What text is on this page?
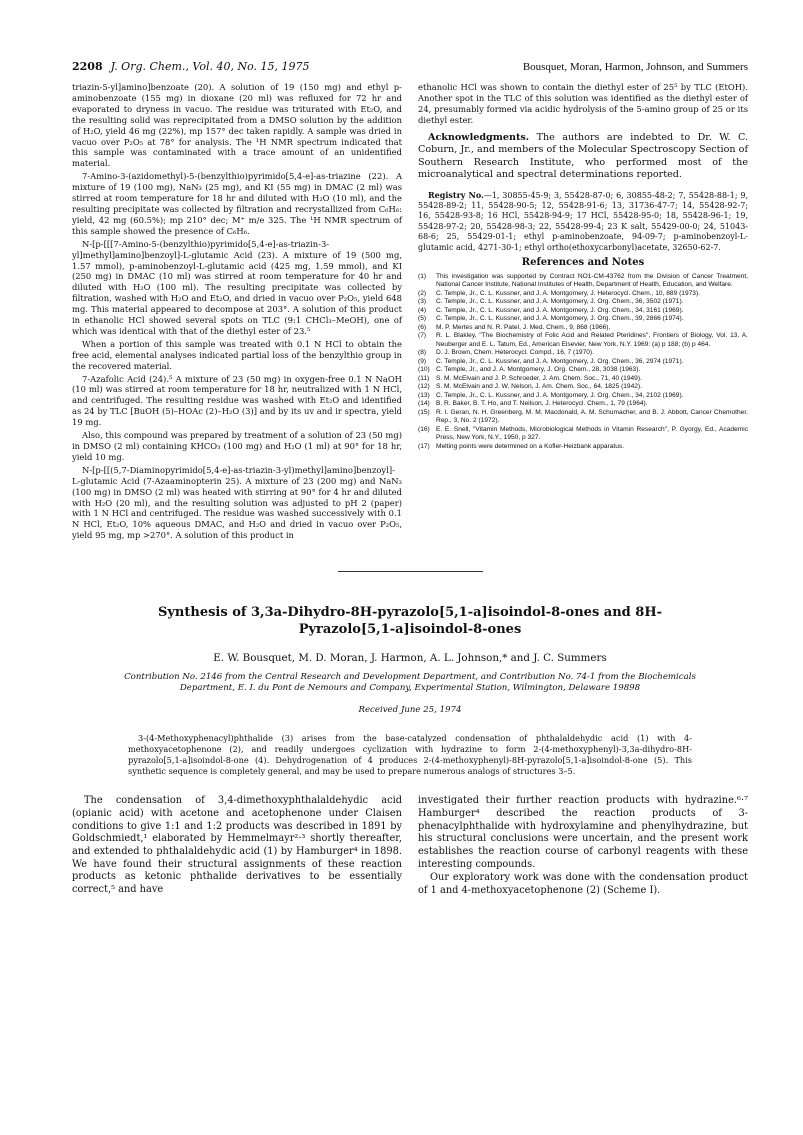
2208 J. Org. Chem., Vol. 40, No. 15, 1975	Bousquet, Moran, Harmon, Johnson, and Summers

triazin-5-yl]amino]benzoate (20). A solution of 19 (150 mg) and ethyl p-aminobenzoate (155 mg) in dioxane (20 ml) was refluxed for 72 hr and evaporated to dryness in vacuo. The residue was triturated with Et₂O, and the resulting solid was reprecipitated from a DMSO solution by the addition of H₂O, yield 46 mg (22%), mp 157° dec taken rapidly. A sample was dried in vacuo over P₂O₅ at 78° for analysis. The ¹H NMR spectrum indicated that this sample was contaminated with a trace amount of an unidentified material.

7-Amino-3-(azidomethyl)-5-(benzylthio)pyrimido[5,4-e]-as-triazine (22). A mixture of 19 (100 mg), NaN₃ (25 mg), and KI (55 mg) in DMAC (2 ml) was stirred at room temperature for 18 hr and diluted with H₂O (10 ml), and the resulting precipitate was collected by filtration and recrystallized from C₆H₆: yield, 42 mg (60.5%); mp 210° dec; M⁺ m/e 325. The ¹H NMR spectrum of this sample showed the presence of C₆H₆.

N-[p-[[[7-Amino-5-(benzylthio)pyrimido[5,4-e]-as-triazin-3-yl]methyl]amino]benzoyl]-L-glutamic Acid (23). A mixture of 19 (500 mg, 1.57 mmol), p-aminobenzoyl-L-glutamic acid (425 mg, 1.59 mmol), and KI (250 mg) in DMAC (10 ml) was stirred at room temperature for 40 hr and diluted with H₂O (100 ml). The resulting precipitate was collected by filtration, washed with H₂O and Et₂O, and dried in vacuo over P₂O₅, yield 648 mg. This material appeared to decompose at 203°. A solution of this product in ethanolic HCl showed several spots on TLC (9:1 CHCl₃–MeOH), one of which was identical with that of the diethyl ester of 23.⁵

When a portion of this sample was treated with 0.1 N HCl to obtain the free acid, elemental analyses indicated partial loss of the benzylthio group in the recovered material.

7-Azafolic Acid (24).⁵ A mixture of 23 (50 mg) in oxygen-free 0.1 N NaOH (10 ml) was stirred at room temperature for 18 hr, neutralized with 1 N HCl, and centrifuged. The resulting residue was washed with Et₂O and identified as 24 by TLC [BuOH (5)–HOAc (2)–H₂O (3)] and by its uv and ir spectra, yield 19 mg.

Also, this compound was prepared by treatment of a solution of 23 (50 mg) in DMSO (2 ml) containing KHCO₃ (100 mg) and H₂O (1 ml) at 90° for 18 hr, yield 10 mg.

N-[p-[[(5,7-Diaminopyrimido[5,4-e]-as-triazin-3-yl)methyl]amino]benzoyl]-L-glutamic Acid (7-Azaaminopterin 25). A mixture of 23 (200 mg) and NaN₃ (100 mg) in DMSO (2 ml) was heated with stirring at 90° for 4 hr and diluted with H₂O (20 ml), and the resulting solution was adjusted to pH 2 (paper) with 1 N HCl and centrifuged. The residue was washed successively with 0.1 N HCl, Et₂O, 10% aqueous DMAC, and H₂O and dried in vacuo over P₂O₅, yield 95 mg, mp >270°. A solution of this product in

ethanolic HCl was shown to contain the diethyl ester of 25⁵ by TLC (EtOH). Another spot in the TLC of this solution was identified as the diethyl ester of 24, presumably formed via acidic hydrolysis of the 5-amino group of 25 or its diethyl ester.

Acknowledgments. The authors are indebted to Dr. W. C. Coburn, Jr., and members of the Molecular Spectroscopy Section of Southern Research Institute, who performed most of the microanalytical and spectral determinations reported.
Registry No.—1, 30855-45-9; 3, 55428-87-0; 6, 30855-48-2; 7, 55428-88-1; 9, 55428-89-2; 11, 55428-90-5; 12, 55428-91-6; 13, 31736-47-7; 14, 55428-92-7; 16, 55428-93-8; 16 HCl, 55428-94-9; 17 HCl, 55428-95-0; 18, 55428-96-1; 19, 55428-97-2; 20, 55428-98-3; 22, 55428-99-4; 23 K salt, 55429-00-0; 24, 51043-68-6; 25, 55429-01-1; ethyl p-aminobenzoate, 94-09-7; p-aminobenzoyl-L-glutamic acid, 4271-30-1; ethyl ortho(ethoxycarbonyl)acetate, 32650-62-7.
References and Notes
(1)	This investigation was supported by Contract NO1-CM-43762 from the Division of Cancer Treatment, National Cancer Institute, National Institutes of Health, Department of Health, Education, and Welfare.
(2)	C. Temple, Jr., C. L. Kussner, and J. A. Montgomery, J. Heterocycl. Chem., 10, 889 (1973).
(3)	C. Temple, Jr., C. L. Kussner, and J. A. Montgomery, J. Org. Chem., 36, 3502 (1971).
(4)	C. Temple, Jr., C. L. Kussner, and J. A. Montgomery, J. Org. Chem., 34, 3161 (1969).
(5)	C. Temple, Jr., C. L. Kussner, and J. A. Montgomery, J. Org. Chem., 39, 2866 (1974).
(6)	M. P. Mertes and N. R. Patel, J. Med. Chem., 9, 868 (1966).
(7)	R. L. Blakley, "The Biochemistry of Folic Acid and Related Pteridines", Frontiers of Biology, Vol. 13, A. Neuberger and E. L. Tatum, Ed., American Elsevier, New York, N.Y. 1969: (a) p 188; (b) p 464.
(8)	D. J. Brown, Chem. Heterocycl. Compd., 16, 7 (1970).
(9)	C. Temple, Jr., C. L. Kussner, and J. A. Montgomery, J. Org. Chem., 36, 2974 (1971).
(10) C. Temple, Jr., and J. A. Montgomery, J. Org. Chem., 28, 3038 (1963).
(11)	S. M. McElvain and J. P. Schroeder, J. Am. Chem. Soc., 71, 40 (1949).
(12) S. M. McElvain and J. W. Nelson, J. Am. Chem. Soc., 64, 1825 (1942).
(13) C. Temple, Jr., C. L. Kussner, and J. A. Montgomery, J. Org. Chem., 34, 2102 (1969).
(14) B. R. Baker, B. T. Ho, and T. Neilson, J. Heterocycl. Chem., 1, 79 (1964).
(15) R. I. Geran, N. H. Greenberg, M. M. Macdonald, A. M. Schumacher, and B. J. Abbott, Cancer Chemother. Rep., 3, No. 2 (1972).
(16) E. E. Snell, "Vitamin Methods, Microbiological Methods in Vitamin Research", P. Gyorgy, Ed., Academic Press, New York, N.Y., 1950, p 327.
(17) Melting points were determined on a Kofler-Heizbank apparatus.
Synthesis of 3,3a-Dihydro-8H-pyrazolo[5,1-a]isoindol-8-ones and 8H-Pyrazolo[5,1-a]isoindol-8-ones
E. W. Bousquet, M. D. Moran, J. Harmon, A. L. Johnson,* and J. C. Summers
Contribution No. 2146 from the Central Research and Development Department, and Contribution No. 74-1 from the Biochemicals Department, E. I. du Pont de Nemours and Company, Experimental Station, Wilmington, Delaware 19898
Received June 25, 1974
3-(4-Methoxyphenacyl)phthalide (3) arises from the base-catalyzed condensation of phthalaldehydic acid (1) with 4-methoxyacetophenone (2), and readily undergoes cyclization with hydrazine to form 2-(4-methoxyphenyl)-3,3a-dihydro-8H-pyrazolo[5,1-a]isoindol-8-one (4). Dehydrogenation of 4 produces 2-(4-methoxyphenyl)-8H-pyrazolo[5,1-a]isoindol-8-one (5). This synthetic sequence is completely general, and may be used to prepare numerous analogs of structures 3–5.

The condensation of 3,4-dimethoxyphthalaldehydic acid (opianic acid) with acetone and acetophenone under Claisen conditions to give 1:1 and 1:2 products was described in 1891 by Goldschmiedt,¹ elaborated by Hemmelmayr²·³ shortly thereafter, and extended to phthalaldehydic acid (1) by Hamburger⁴ in 1898. We have found their structural assignments of these reaction products as ketonic phthalide derivatives to be essentially correct,⁵ and have

investigated their further reaction products with hydrazine.⁶·⁷ Hamburger⁴ described the reaction products of 3-phenacylphthalide with hydroxylamine and phenylhydrazine, but his structural conclusions were uncertain, and the present work establishes the reaction course of carbonyl reagents with these interesting compounds.

Our exploratory work was done with the condensation product of 1 and 4-methoxyacetophenone (2) (Scheme I).
